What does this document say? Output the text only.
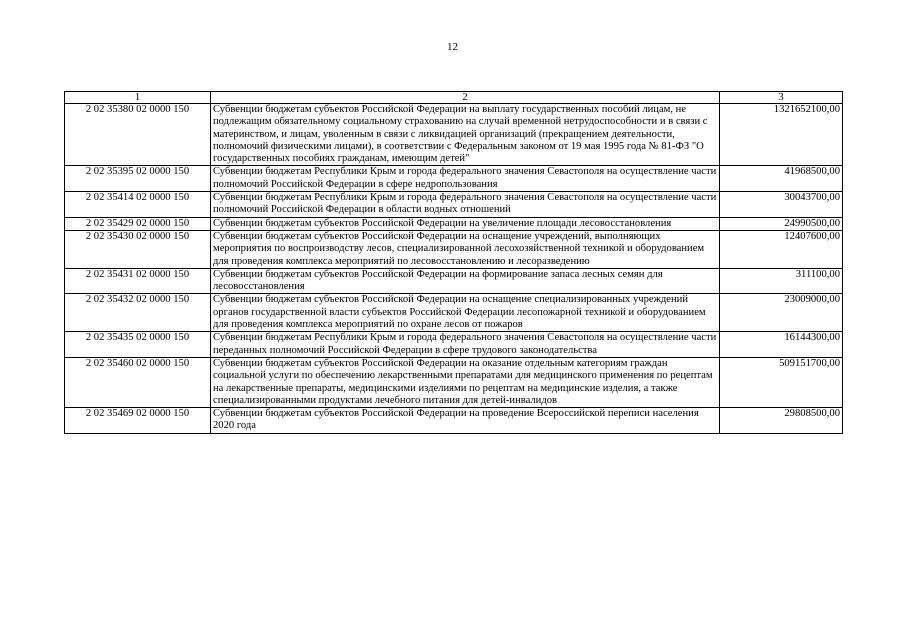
12
1	2	3
2 02 35380 02 0000 150	Субвенции бюджетам субъектов Российской Федерации на выплату государственных пособий лицам, не подлежащим обязательному социальному страхованию на случай временной нетрудоспособности и в связи с материнством, и лицам, уволенным в связи с ликвидацией организаций (прекращением деятельности, полномочий физическими лицами), в соответствии с Федеральным законом от 19 мая 1995 года № 81-ФЗ "О государственных пособиях гражданам, имеющим детей"	1321652100,00
2 02 35395 02 0000 150	Субвенции бюджетам Республики Крым и города федерального значения Севастополя на осуществление части полномочий Российской Федерации в сфере недропользования	41968500,00
2 02 35414 02 0000 150	Субвенции бюджетам Республики Крым и города федерального значения Севастополя на осуществление части полномочий Российской Федерации в области водных отношений	30043700,00
2 02 35429 02 0000 150	Субвенции бюджетам субъектов Российской Федерации на увеличение площади лесовосстановления	24990500,00
2 02 35430 02 0000 150	Субвенции бюджетам субъектов Российской Федерации на оснащение учреждений, выполняющих мероприятия по воспроизводству лесов, специализированной лесохозяйственной техникой и оборудованием для проведения комплекса мероприятий по лесовосстановлению и лесоразведению	12407600,00
2 02 35431 02 0000 150	Субвенции бюджетам субъектов Российской Федерации на формирование запаса лесных семян для лесовосстановления	311100,00
2 02 35432 02 0000 150	Субвенции бюджетам субъектов Российской Федерации на оснащение специализированных учреждений органов государственной власти субъектов Российской Федерации лесопожарной техникой и оборудованием для проведения комплекса мероприятий по охране лесов от пожаров	23009000,00
2 02 35435 02 0000 150	Субвенции бюджетам Республики Крым и города федерального значения Севастополя на осуществление части переданных полномочий Российской Федерации в сфере трудового законодательства	16144300,00
2 02 35460 02 0000 150	Субвенции бюджетам субъектов Российской Федерации на оказание отдельным категориям граждан социальной услуги по обеспечению лекарственными препаратами для медицинского применения по рецептам на лекарственные препараты, медицинскими изделиями по рецептам на медицинские изделия, а также специализированными продуктами лечебного питания для детей-инвалидов	509151700,00
2 02 35469 02 0000 150	Субвенции бюджетам субъектов Российской Федерации на проведение Всероссийской переписи населения 2020 года	29808500,00
